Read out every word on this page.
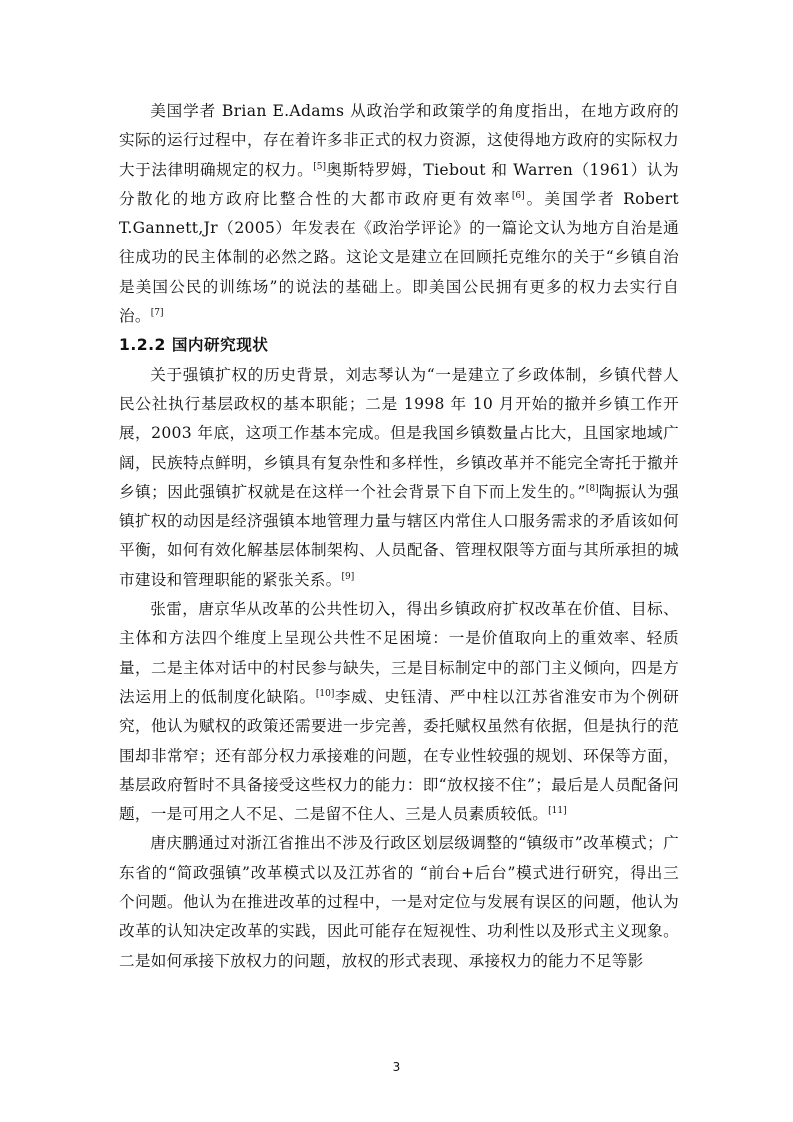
美国学者 Brian E.Adams 从政治学和政策学的角度指出，在地方政府的实际的运行过程中，存在着许多非正式的权力资源，这使得地方政府的实际权力大于法律明确规定的权力。[5]奥斯特罗姆，Tiebout 和 Warren（1961）认为分散化的地方政府比整合性的大都市政府更有效率[6]。美国学者 Robert T.Gannett,Jr（2005）年发表在《政治学评论》的一篇论文认为地方自治是通往成功的民主体制的必然之路。这论文是建立在回顾托克维尔的关于“乡镇自治是美国公民的训练场”的说法的基础上。即美国公民拥有更多的权力去实行自治。[7]

1.2.2 国内研究现状

关于强镇扩权的历史背景，刘志琴认为“一是建立了乡政体制，乡镇代替人民公社执行基层政权的基本职能；二是 1998 年 10 月开始的撤并乡镇工作开展，2003 年底，这项工作基本完成。但是我国乡镇数量占比大，且国家地域广阔，民族特点鲜明，乡镇具有复杂性和多样性，乡镇改革并不能完全寄托于撤并乡镇；因此强镇扩权就是在这样一个社会背景下自下而上发生的。”[8]陶振认为强镇扩权的动因是经济强镇本地管理力量与辖区内常住人口服务需求的矛盾该如何平衡，如何有效化解基层体制架构、人员配备、管理权限等方面与其所承担的城市建设和管理职能的紧张关系。[9]

张雷，唐京华从改革的公共性切入，得出乡镇政府扩权改革在价值、目标、主体和方法四个维度上呈现公共性不足困境：一是价值取向上的重效率、轻质量，二是主体对话中的村民参与缺失，三是目标制定中的部门主义倾向，四是方法运用上的低制度化缺陷。[10]李威、史钰清、严中柱以江苏省淮安市为个例研究，他认为赋权的政策还需要进一步完善，委托赋权虽然有依据，但是执行的范围却非常窄；还有部分权力承接难的问题，在专业性较强的规划、环保等方面，基层政府暂时不具备接受这些权力的能力：即“放权接不住”；最后是人员配备问题，一是可用之人不足、二是留不住人、三是人员素质较低。[11]

唐庆鹏通过对浙江省推出不涉及行政区划层级调整的“镇级市”改革模式；广东省的“简政强镇”改革模式以及江苏省的 “前台+后台”模式进行研究，得出三个问题。他认为在推进改革的过程中，一是对定位与发展有误区的问题，他认为改革的认知决定改革的实践，因此可能存在短视性、功利性以及形式主义现象。二是如何承接下放权力的问题，放权的形式表现、承接权力的能力不足等影

3
